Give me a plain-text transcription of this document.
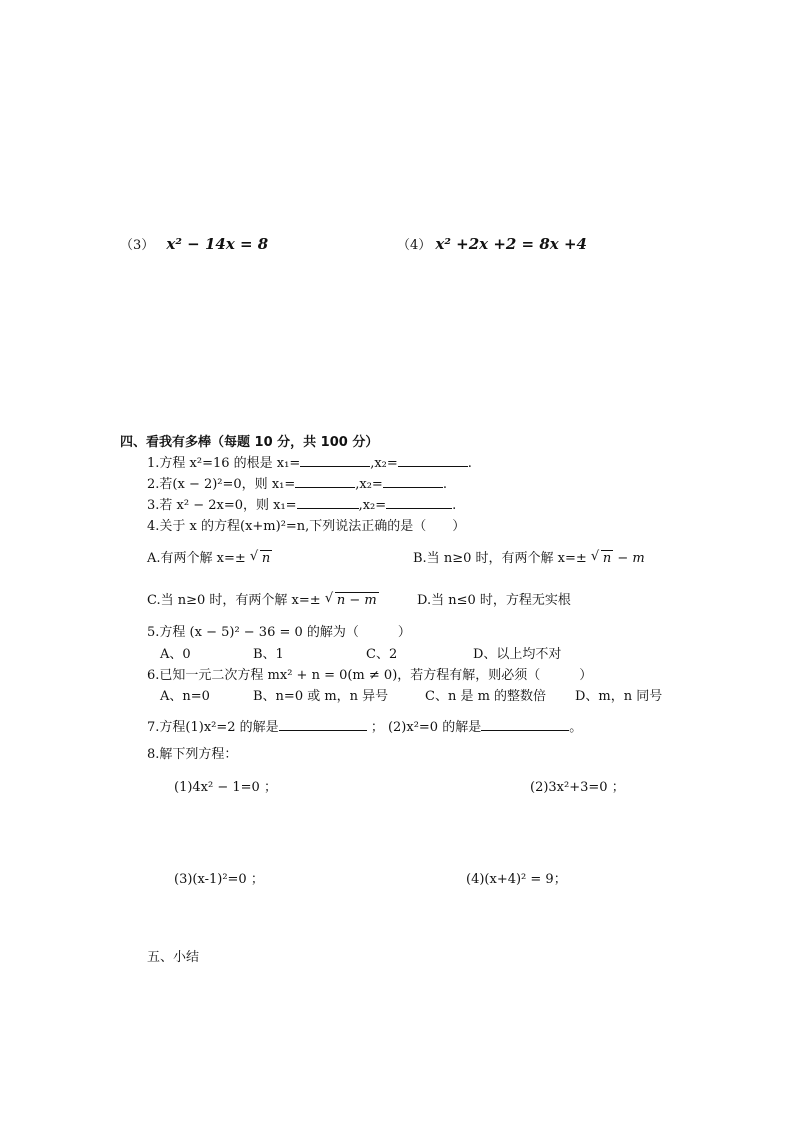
（3） x² − 14x = 8	（4） x² +2x +2 = 8x +4
四、看我有多棒（每题 10 分，共 100 分）
1.方程 x²=16 的根是 x₁=	,x₂=	.
2.若(x − 2)²=0，则 x₁=	,x₂=	.
3.若 x² − 2x=0，则 x₁=	,x₂=	.
4.关于 x 的方程(x+m)²=n,下列说法正确的是（　　）
A.有两个解 x=± √ n	B.当 n≥0 时，有两个解 x=± √ n − m
C.当 n≥0 时，有两个解 x=± √ n − m	D.当 n≤0 时，方程无实根
5.方程 (x − 5)² − 36 = 0 的解为（　　　）
A、0	B、1	C、2	D、以上均不对
6.已知一元二次方程 mx² + n = 0(m ≠ 0)，若方程有解，则必须（　　　）
A、n=0	B、n=0 或 m，n 异号	C、n 是 m 的整数倍 D、m，n 同号
7.方程(1)x²=2 的解是	； (2)x²=0 的解是	。
8.解下列方程：
(1)4x² − 1=0 ；	(2)3x²+3=0 ；
(3)(x-1)²=0 ；	(4)(x+4)² = 9；
五、小结
